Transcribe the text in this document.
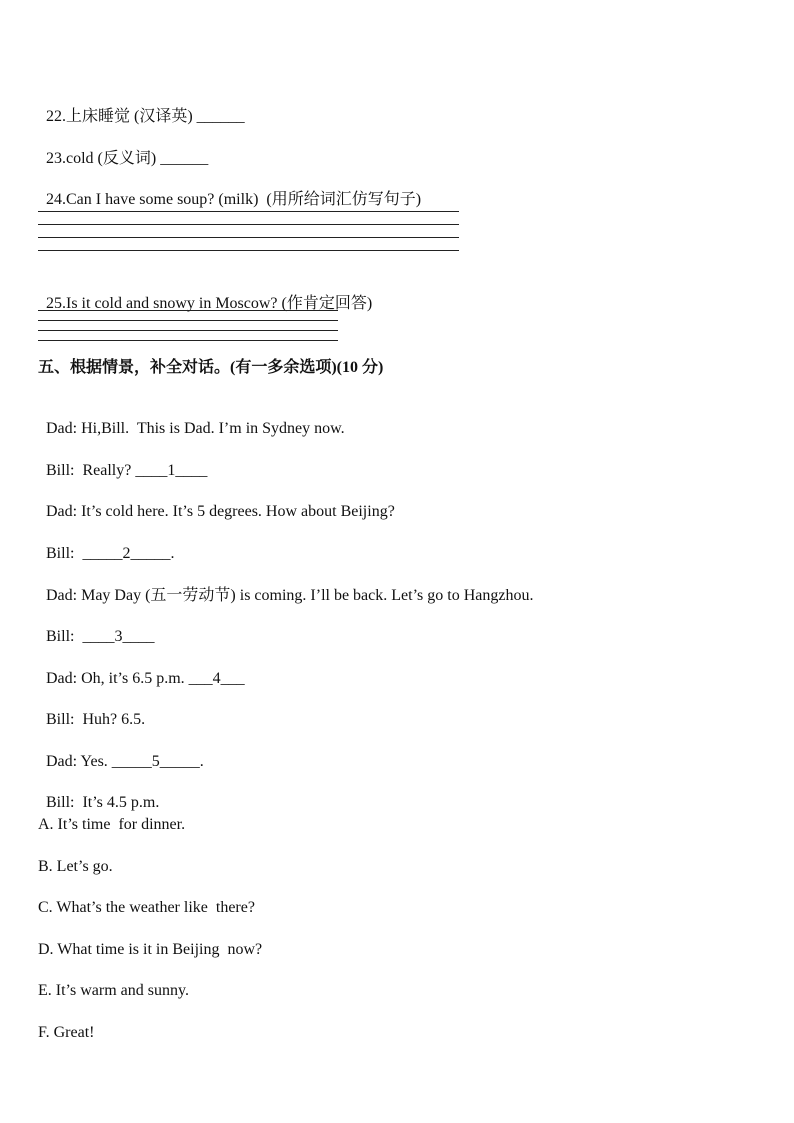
22.上床睡觉 (汉译英) ______

23.cold (反义词) ______

24.Can I have some soup? (milk)  (用所给词汇仿写句子)

25.Is it cold and snowy in Moscow? (作肯定回答)

五、根据情景，补全对话。(有一多余选项)(10 分)

Dad: Hi,Bill.  This is Dad. I’m in Sydney now.

Bill:  Really? ____1____

Dad: It’s cold here. It’s 5 degrees. How about Beijing?

Bill:  _____2_____.

Dad: May Day (五一劳动节) is coming. I’ll be back. Let’s go to Hangzhou.

Bill:  ____3____

Dad: Oh, it’s 6.5 p.m. ___4___

Bill:  Huh? 6.5.

Dad: Yes. _____5_____.

Bill:  It’s 4.5 p.m.

A. It’s time  for dinner.
B. Let’s go.
C. What’s the weather like  there?
D. What time is it in Beijing  now?
E. It’s warm and sunny.
F. Great!
